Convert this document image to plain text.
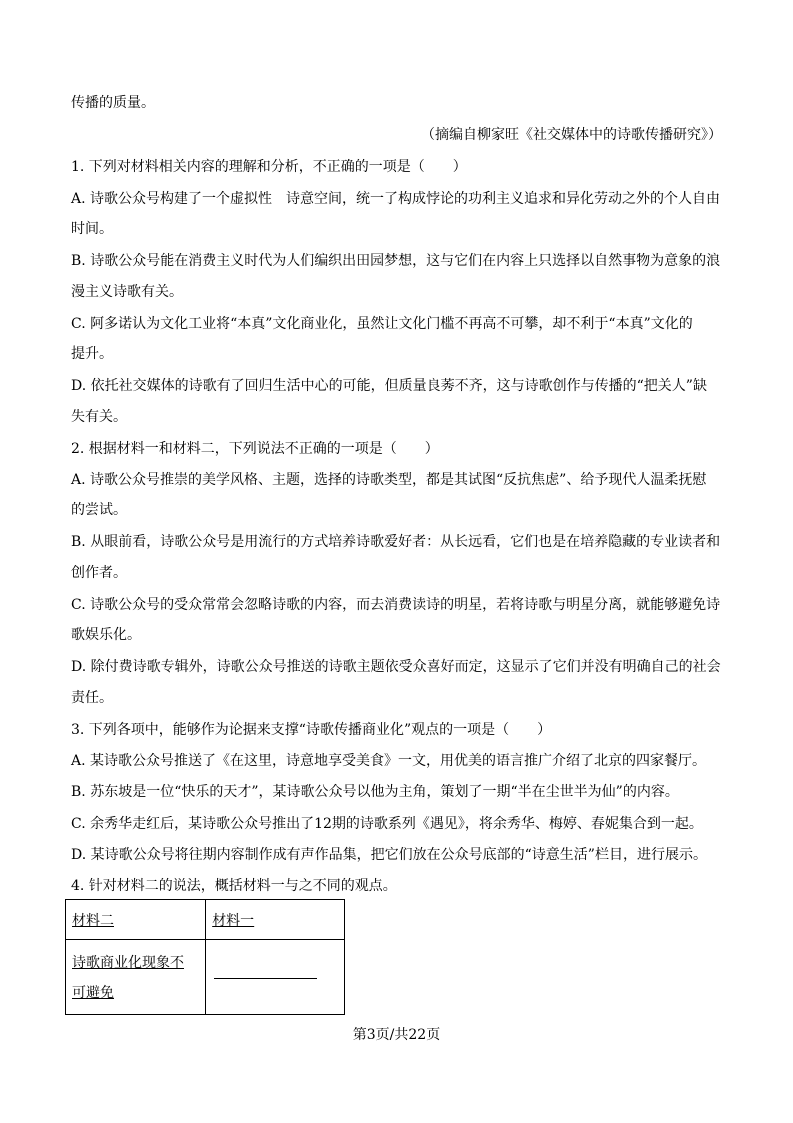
传播的质量。
（摘编自柳家旺《社交媒体中的诗歌传播研究》）
1. 下列对材料相关内容的理解和分析，不正确的一项是（　　）
A. 诗歌公众号构建了一个虚拟性　诗意空间，统一了构成悖论的功利主义追求和异化劳动之外的个人自由
时间。
B. 诗歌公众号能在消费主义时代为人们编织出田园梦想，这与它们在内容上只选择以自然事物为意象的浪
漫主义诗歌有关。
C. 阿多诺认为文化工业将“本真”文化商业化，虽然让文化门槛不再高不可攀，却不利于“本真”文化的
提升。
D. 依托社交媒体的诗歌有了回归生活中心的可能，但质量良莠不齐，这与诗歌创作与传播的“把关人”缺
失有关。
2. 根据材料一和材料二，下列说法不正确的一项是（　　）
A. 诗歌公众号推崇的美学风格、主题，选择的诗歌类型，都是其试图“反抗焦虑”、给予现代人温柔抚慰
的尝试。
B. 从眼前看，诗歌公众号是用流行的方式培养诗歌爱好者：从长远看，它们也是在培养隐藏的专业读者和
创作者。
C. 诗歌公众号的受众常常会忽略诗歌的内容，而去消费读诗的明星，若将诗歌与明星分离，就能够避免诗
歌娱乐化。
D. 除付费诗歌专辑外，诗歌公众号推送的诗歌主题依受众喜好而定，这显示了它们并没有明确自己的社会
责任。
3. 下列各项中，能够作为论据来支撑“诗歌传播商业化”观点的一项是（　　）
A. 某诗歌公众号推送了《在这里，诗意地享受美食》一文，用优美的语言推广介绍了北京的四家餐厅。
B. 苏东坡是一位“快乐的天才”，某诗歌公众号以他为主角，策划了一期“半在尘世半为仙”的内容。
C. 余秀华走红后，某诗歌公众号推出了12期的诗歌系列《遇见》，将余秀华、梅婷、春妮集合到一起。
D. 某诗歌公众号将往期内容制作成有声作品集，把它们放在公众号底部的“诗意生活”栏目，进行展示。
4. 针对材料二的说法，概括材料一与之不同的观点。
材料二	材料一

诗歌商业化现象不
可避免	

第3页/共22页
